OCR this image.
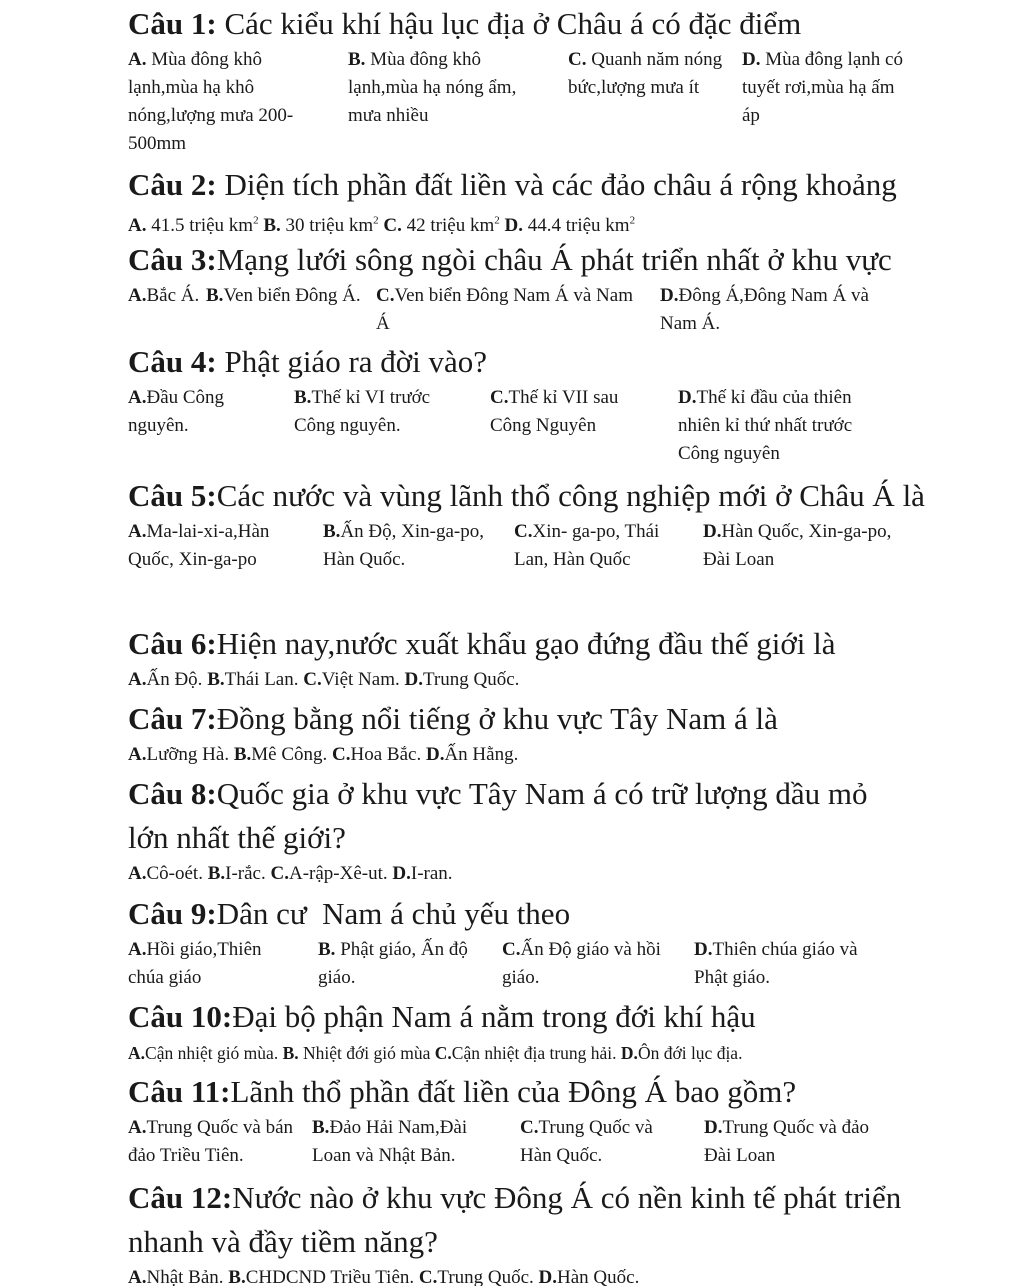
Câu 1: Các kiểu khí hậu lục địa ở Châu á có đặc điểm

A. Mùa đông khô lạnh,mùa hạ khô nóng,lượng mưa 200-500mm
B. Mùa đông khô lạnh,mùa hạ nóng ẩm, mưa nhiều
C. Quanh năm nóng bức,lượng mưa ít
D. Mùa đông lạnh có tuyết rơi,mùa hạ ấm áp

Câu 2: Diện tích phần đất liền và các đảo châu á rộng khoảng

A. 41.5 triệu $km^2$ B. 30 triệu $km^2$ C. 42 triệu $km^2$ D. 44.4 triệu $km^2$

Câu 3:Mạng lưới sông ngòi châu Á phát triển nhất ở khu vực

A.Bắc Á. B.Ven biển Đông Á. C.Ven biển Đông Nam Á và Nam Á
D.Đông Á,Đông Nam Á và Nam Á.

Câu 4: Phật giáo ra đời vào?

A.Đầu Công nguyên.
B.Thế kỉ VI trước Công nguyên.
C.Thế kỉ VII sau Công Nguyên
D.Thế kỉ đầu của thiên nhiên kỉ thứ nhất trước Công nguyên

Câu 5:Các nước và vùng lãnh thổ công nghiệp mới ở Châu Á là

A.Ma-lai-xi-a,Hàn Quốc, Xin-ga-po
B.Ấn Độ, Xin-ga-po, Hàn Quốc.
C.Xin- ga-po, Thái Lan, Hàn Quốc
D.Hàn Quốc, Xin-ga-po, Đài Loan

Câu 6:Hiện nay,nước xuất khẩu gạo đứng đầu thế giới là

A.Ấn Độ. B.Thái Lan. C.Việt Nam. D.Trung Quốc.

Câu 7:Đồng bằng nổi tiếng ở khu vực Tây Nam á là

A.Lưỡng Hà. B.Mê Công. C.Hoa Bắc. D.Ấn Hằng.

Câu 8:Quốc gia ở khu vực Tây Nam á có trữ lượng dầu mỏ lớn nhất thế giới?

A.Cô-oét. B.I-rắc. C.A-rập-Xê-ut. D.I-ran.

Câu 9:Dân cư  Nam á chủ yếu theo

A.Hồi giáo,Thiên chúa giáo
B. Phật giáo, Ấn độ giáo.
C.Ấn Độ giáo và hồi giáo.
D.Thiên chúa giáo và Phật giáo.

Câu 10:Đại bộ phận Nam á nằm trong đới khí hậu

A.Cận nhiệt gió mùa. B. Nhiệt đới gió mùa C.Cận nhiệt địa trung hải. D.Ôn đới lục địa.

Câu 11:Lãnh thổ phần đất liền của Đông Á bao gồm?

A.Trung Quốc và bán đảo Triều Tiên.
B.Đảo Hải Nam,Đài Loan và Nhật Bản.
C.Trung Quốc và Hàn Quốc.
D.Trung Quốc và đảo Đài Loan

Câu 12:Nước nào ở khu vực Đông Á có nền kinh tế phát triển nhanh và đầy tiềm năng?

A.Nhật Bản. B.CHDCND Triều Tiên. C.Trung Quốc. D.Hàn Quốc.
